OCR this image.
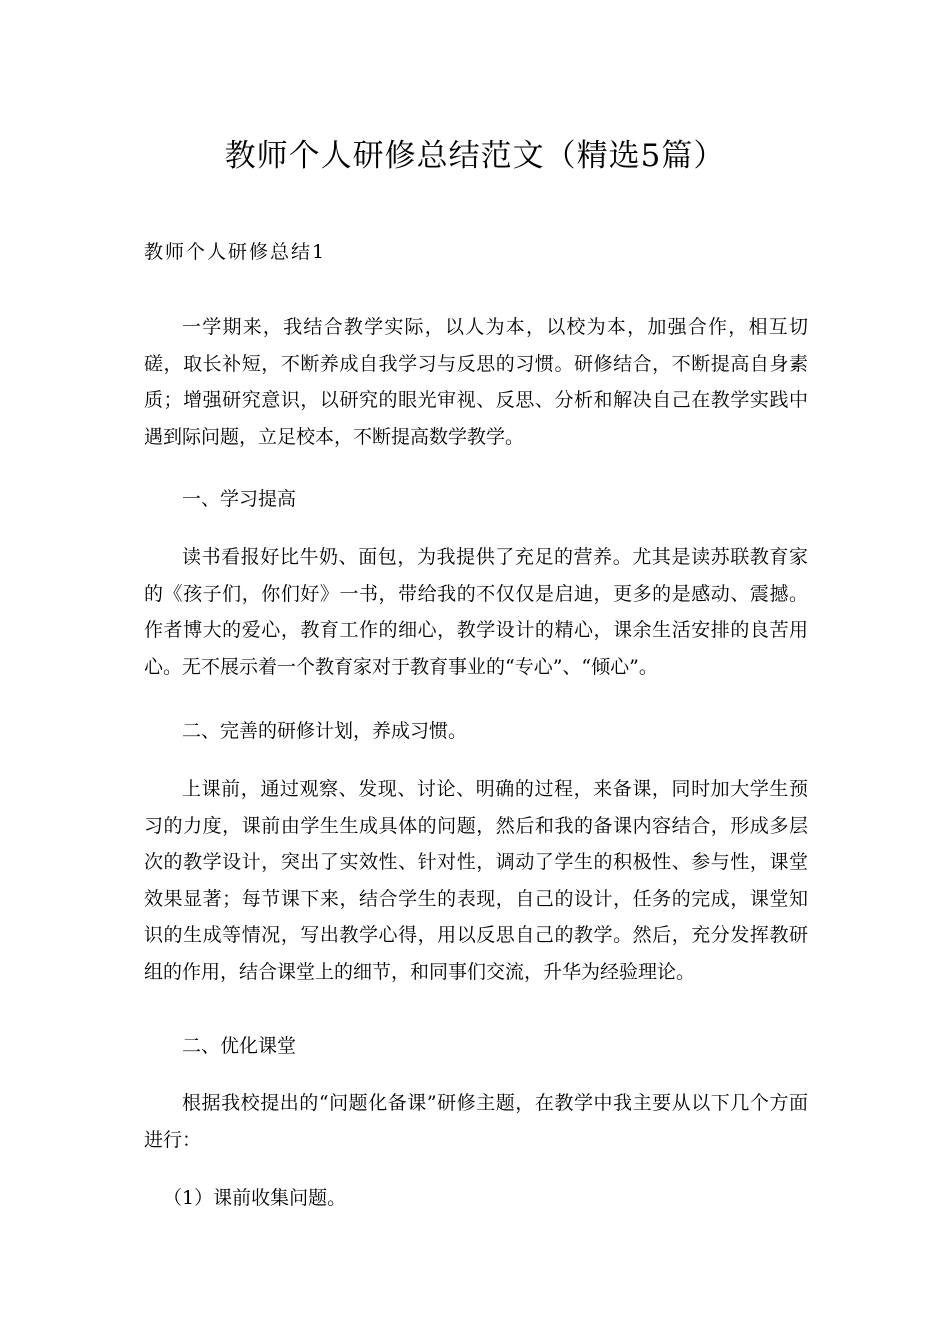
教师个人研修总结范文（精选5篇）
教师个人研修总结1
一学期来，我结合教学实际，以人为本，以校为本，加强合作，相互切磋，取长补短，不断养成自我学习与反思的习惯。研修结合，不断提高自身素质；增强研究意识，以研究的眼光审视、反思、分析和解决自己在教学实践中遇到际问题，立足校本，不断提高数学教学。
一、学习提高
读书看报好比牛奶、面包，为我提供了充足的营养。尤其是读苏联教育家的《孩子们，你们好》一书，带给我的不仅仅是启迪，更多的是感动、震撼。作者博大的爱心，教育工作的细心，教学设计的精心，课余生活安排的良苦用心。无不展示着一个教育家对于教育事业的“专心”、“倾心”。
二、完善的研修计划，养成习惯。
上课前，通过观察、发现、讨论、明确的过程，来备课，同时加大学生预习的力度，课前由学生生成具体的问题，然后和我的备课内容结合，形成多层次的教学设计，突出了实效性、针对性，调动了学生的积极性、参与性，课堂效果显著；每节课下来，结合学生的表现，自己的设计，任务的完成，课堂知识的生成等情况，写出教学心得，用以反思自己的教学。然后，充分发挥教研组的作用，结合课堂上的细节，和同事们交流，升华为经验理论。
二、优化课堂
根据我校提出的“问题化备课”研修主题，在教学中我主要从以下几个方面进行：
（1）课前收集问题。
